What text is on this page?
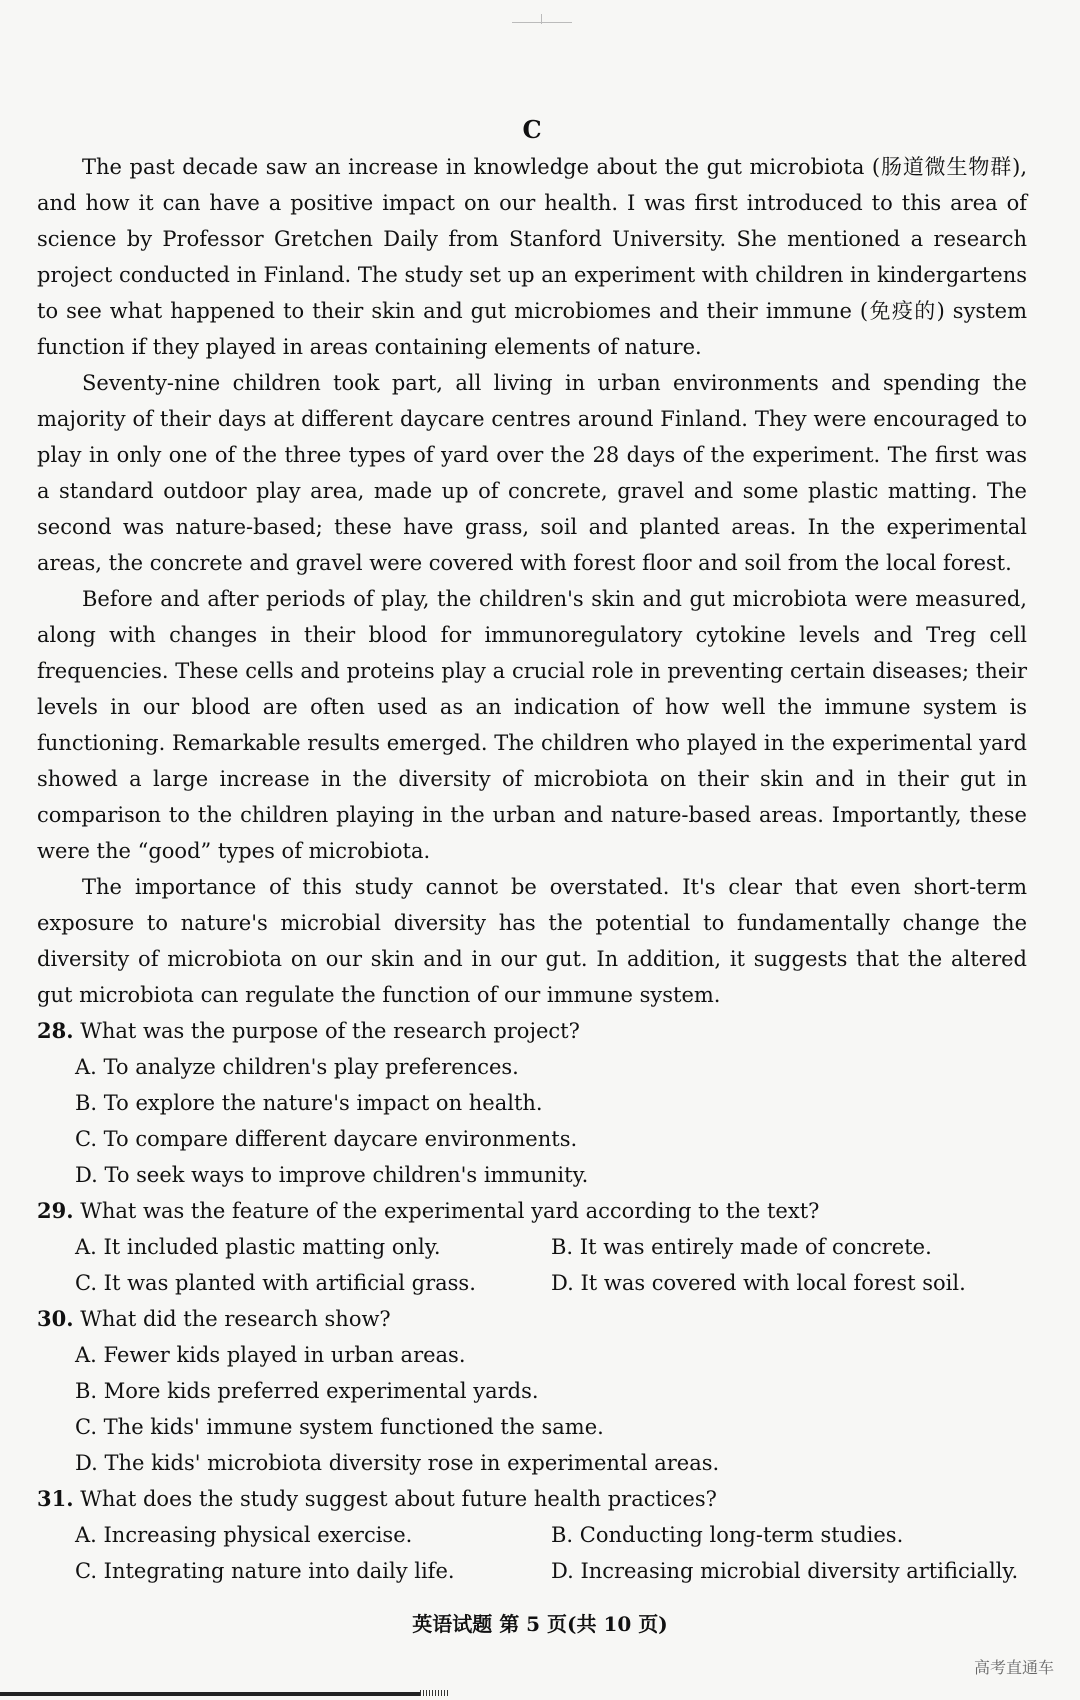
C

The past decade saw an increase in knowledge about the gut microbiota (肠道微生物群), and how it can have a positive impact on our health. I was first introduced to this area of science by Professor Gretchen Daily from Stanford University. She mentioned a research project conducted in Finland. The study set up an experiment with children in kindergartens to see what happened to their skin and gut microbiomes and their immune (免疫的) system function if they played in areas containing elements of nature.

Seventy-nine children took part, all living in urban environments and spending the majority of their days at different daycare centres around Finland. They were encouraged to play in only one of the three types of yard over the 28 days of the experiment. The first was a standard outdoor play area, made up of concrete, gravel and some plastic matting. The second was nature-based; these have grass, soil and planted areas. In the experimental areas, the concrete and gravel were covered with forest floor and soil from the local forest.

Before and after periods of play, the children's skin and gut microbiota were measured, along with changes in their blood for immunoregulatory cytokine levels and Treg cell frequencies. These cells and proteins play a crucial role in preventing certain diseases; their levels in our blood are often used as an indication of how well the immune system is functioning. Remarkable results emerged. The children who played in the experimental yard showed a large increase in the diversity of microbiota on their skin and in their gut in comparison to the children playing in the urban and nature-based areas. Importantly, these were the “good” types of microbiota.

The importance of this study cannot be overstated. It's clear that even short-term exposure to nature's microbial diversity has the potential to fundamentally change the diversity of microbiota on our skin and in our gut. In addition, it suggests that the altered gut microbiota can regulate the function of our immune system.

28. What was the purpose of the research project?

A. To analyze children's play preferences.

B. To explore the nature's impact on health.

C. To compare different daycare environments.

D. To seek ways to improve children's immunity.

29. What was the feature of the experimental yard according to the text?

A. It included plastic matting only.	B. It was entirely made of concrete.
C. It was planted with artificial grass.	D. It was covered with local forest soil.

30. What did the research show?

A. Fewer kids played in urban areas.

B. More kids preferred experimental yards.

C. The kids' immune system functioned the same.

D. The kids' microbiota diversity rose in experimental areas.

31. What does the study suggest about future health practices?

A. Increasing physical exercise.	B. Conducting long-term studies.
C. Integrating nature into daily life.	D. Increasing microbial diversity artificially.
英语试题 第 5 页(共 10 页)
高考直通车
